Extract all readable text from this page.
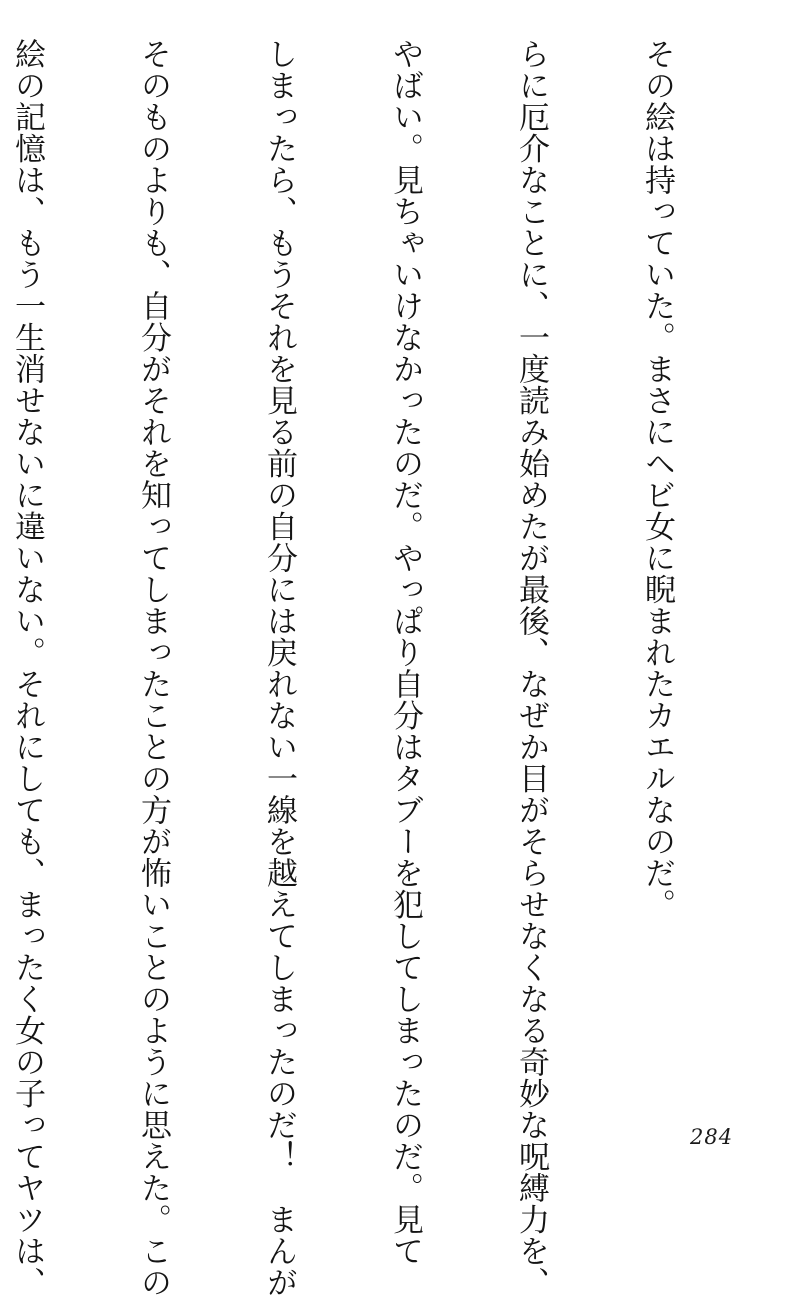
その絵は持っていた。まさにヘビ女に睨まれたカエルなのだ。

らに厄介なことに、一度読み始めたが最後、なぜか目がそらせなくなる奇妙な呪縛力を、

やばい。見ちゃいけなかったのだ。やっぱり自分はタブーを犯してしまったのだ。見て

しまったら、もうそれを見る前の自分には戻れない一線を越えてしまったのだ！　まんが

そのものよりも、自分がそれを知ってしまったことの方が怖いことのように思えた。この

絵の記憶は、もう一生消せないに違いない。それにしても、まったく女の子ってヤツは、

	284
